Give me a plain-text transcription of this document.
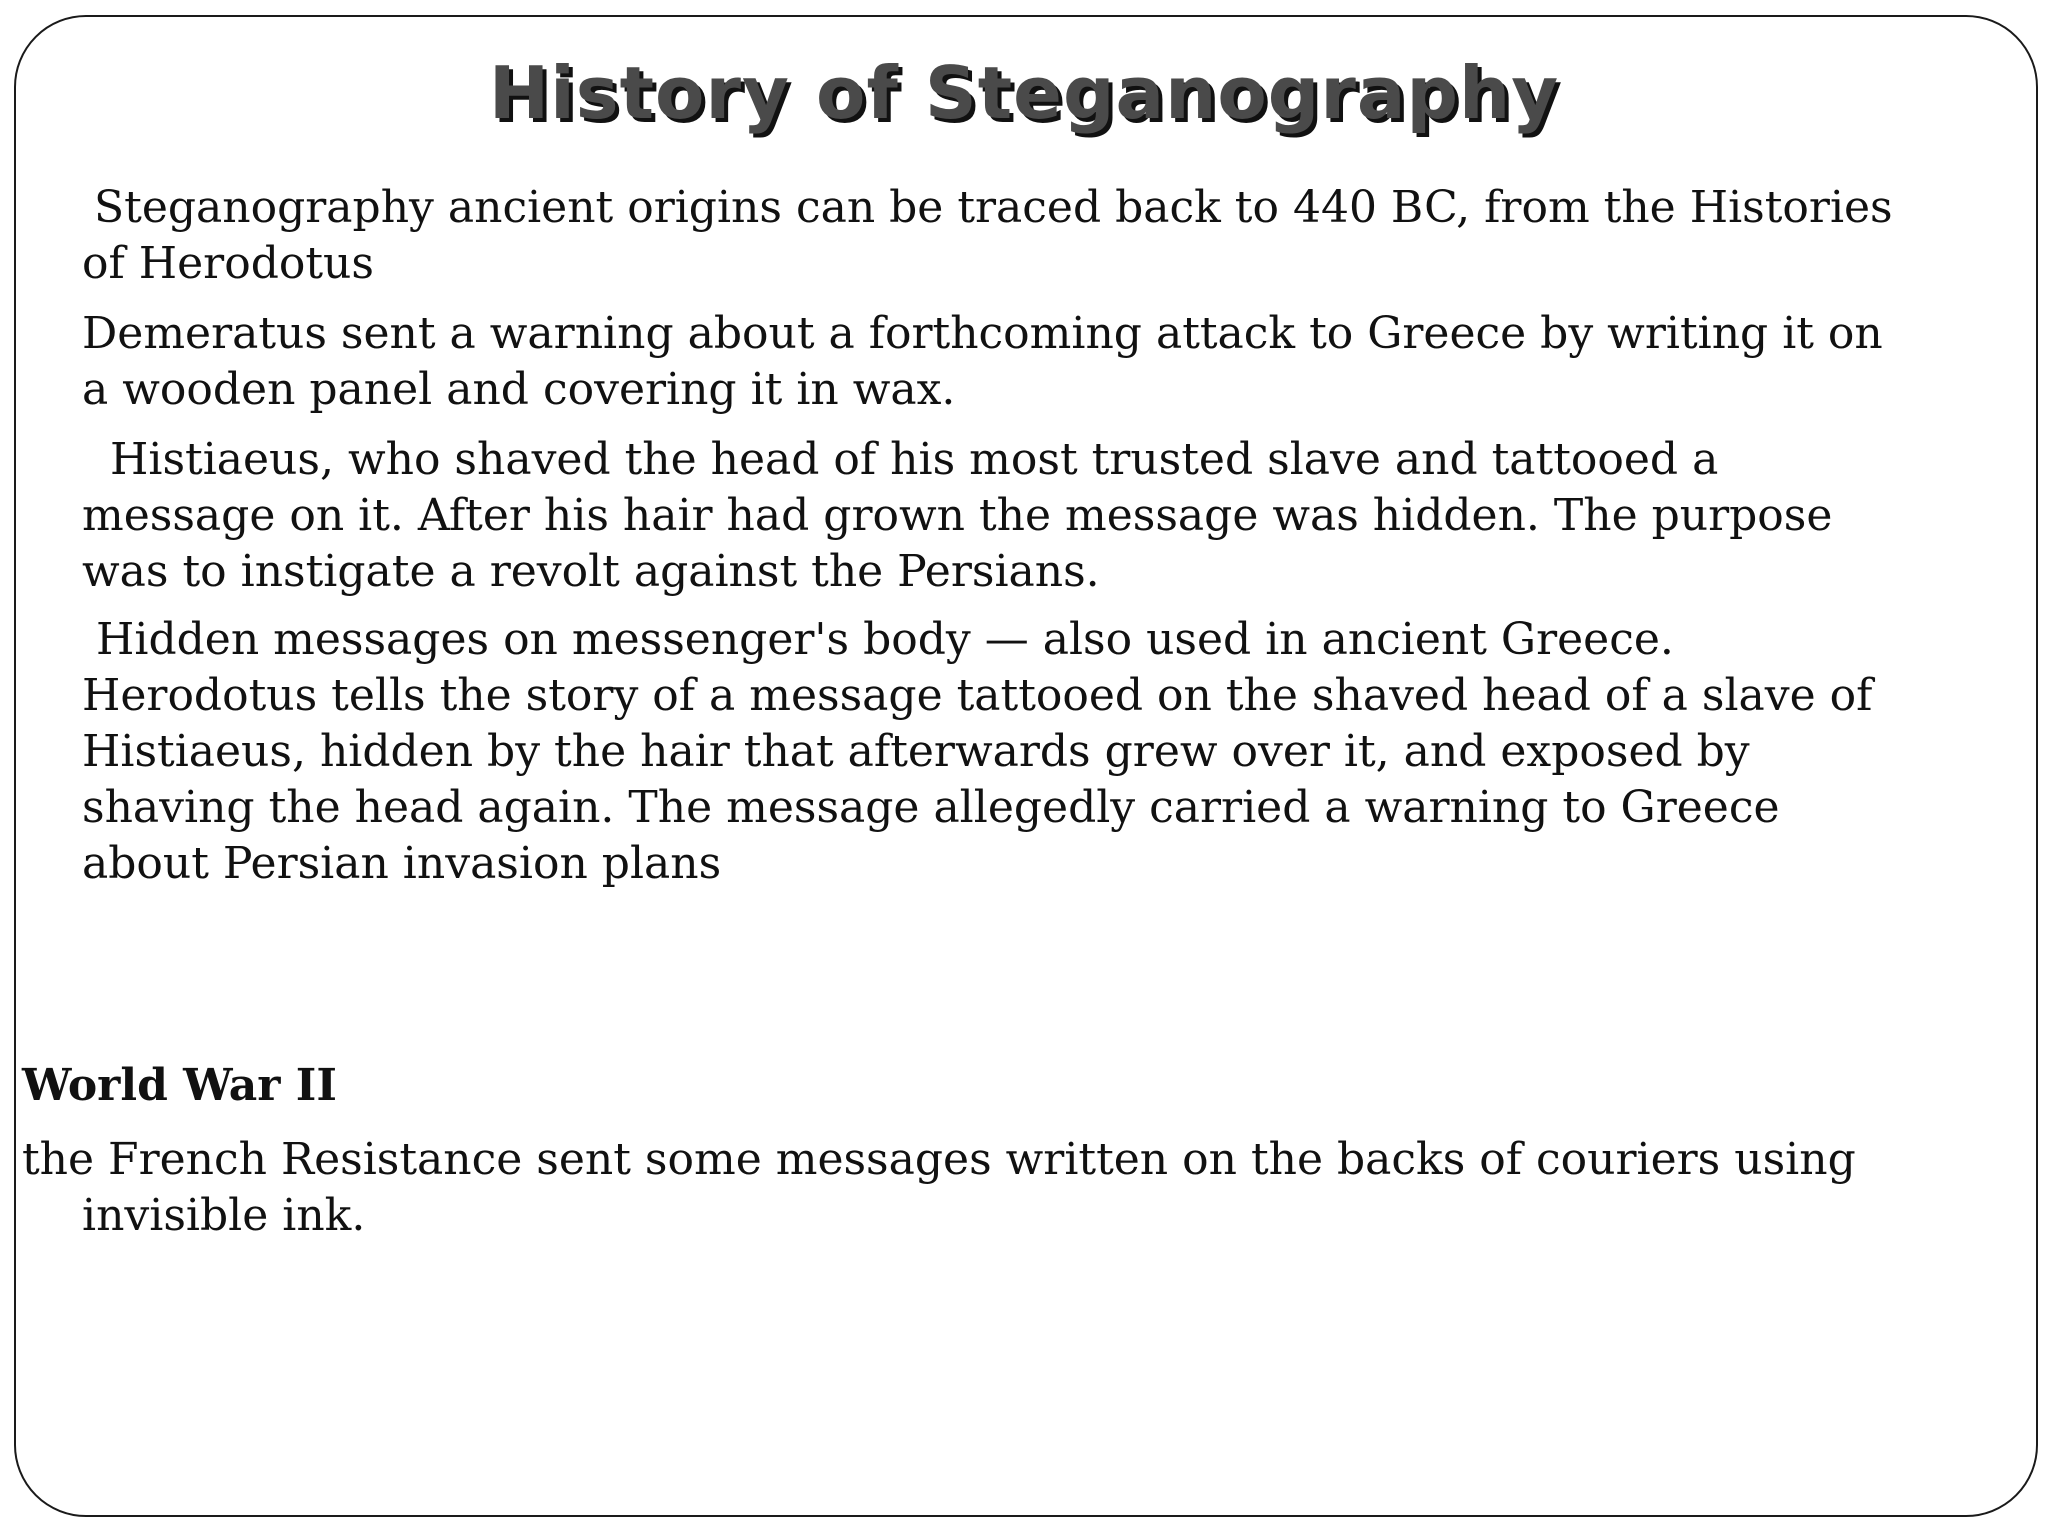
History of Steganography

Steganography ancient origins can be traced back to 440 BC, from the Histories of Herodotus

Demeratus sent a warning about a forthcoming attack to Greece by writing it on a wooden panel and covering it in wax.

Histiaeus, who shaved the head of his most trusted slave and tattooed a message on it. After his hair had grown the message was hidden. The purpose was to instigate a revolt against the Persians.

Hidden messages on messenger's body — also used in ancient Greece. Herodotus tells the story of a message tattooed on the shaved head of a slave of Histiaeus, hidden by the hair that afterwards grew over it, and exposed by shaving the head again. The message allegedly carried a warning to Greece about Persian invasion plans

World War II

the French Resistance sent some messages written on the backs of couriers using invisible ink.
